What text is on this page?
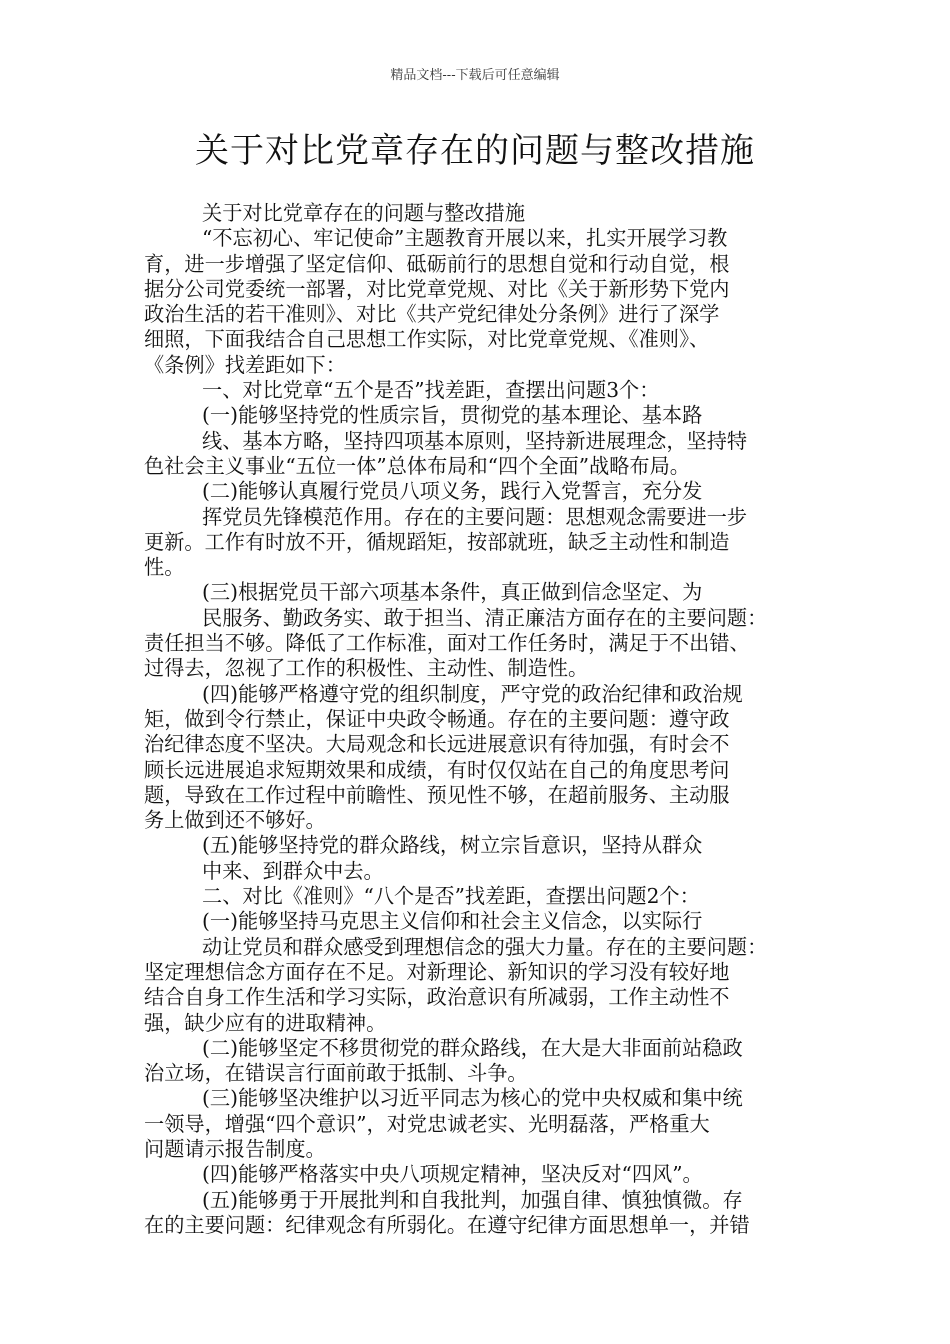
精品文档---下载后可任意编辑
关于对比党章存在的问题与整改措施
关于对比党章存在的问题与整改措施
“不忘初心、牢记使命”主题教育开展以来，扎实开展学习教
育，进一步增强了坚定信仰、砥砺前行的思想自觉和行动自觉，根
据分公司党委统一部署，对比党章党规、对比《关于新形势下党内
政治生活的若干准则》、对比《共产党纪律处分条例》进行了深学
细照，下面我结合自己思想工作实际，对比党章党规、《准则》、
《条例》找差距如下：
一、对比党章“五个是否”找差距，查摆出问题3个：
(一)能够坚持党的性质宗旨，贯彻党的基本理论、基本路
线、基本方略，坚持四项基本原则，坚持新进展理念，坚持特
色社会主义事业“五位一体”总体布局和“四个全面”战略布局。
(二)能够认真履行党员八项义务，践行入党誓言，充分发
挥党员先锋模范作用。存在的主要问题：思想观念需要进一步
更新。工作有时放不开，循规蹈矩，按部就班，缺乏主动性和制造
性。
(三)根据党员干部六项基本条件，真正做到信念坚定、为
民服务、勤政务实、敢于担当、清正廉洁方面存在的主要问题：
责任担当不够。降低了工作标准，面对工作任务时，满足于不出错、
过得去，忽视了工作的积极性、主动性、制造性。
(四)能够严格遵守党的组织制度，严守党的政治纪律和政治规
矩，做到令行禁止，保证中央政令畅通。存在的主要问题：遵守政
治纪律态度不坚决。大局观念和长远进展意识有待加强，有时会不
顾长远进展追求短期效果和成绩，有时仅仅站在自己的角度思考问
题，导致在工作过程中前瞻性、预见性不够，在超前服务、主动服
务上做到还不够好。
(五)能够坚持党的群众路线，树立宗旨意识，坚持从群众
中来、到群众中去。
二、对比《准则》“八个是否”找差距，查摆出问题2个：
(一)能够坚持马克思主义信仰和社会主义信念，以实际行
动让党员和群众感受到理想信念的强大力量。存在的主要问题：
坚定理想信念方面存在不足。对新理论、新知识的学习没有较好地
结合自身工作生活和学习实际，政治意识有所减弱，工作主动性不
强，缺少应有的进取精神。
(二)能够坚定不移贯彻党的群众路线，在大是大非面前站稳政
治立场，在错误言行面前敢于抵制、斗争。
(三)能够坚决维护以习近平同志为核心的党中央权威和集中统
一领导，增强“四个意识”，对党忠诚老实、光明磊落，严格重大
问题请示报告制度。
(四)能够严格落实中央八项规定精神，坚决反对“四风”。
(五)能够勇于开展批判和自我批判，加强自律、慎独慎微。存
在的主要问题：纪律观念有所弱化。在遵守纪律方面思想单一，并错
